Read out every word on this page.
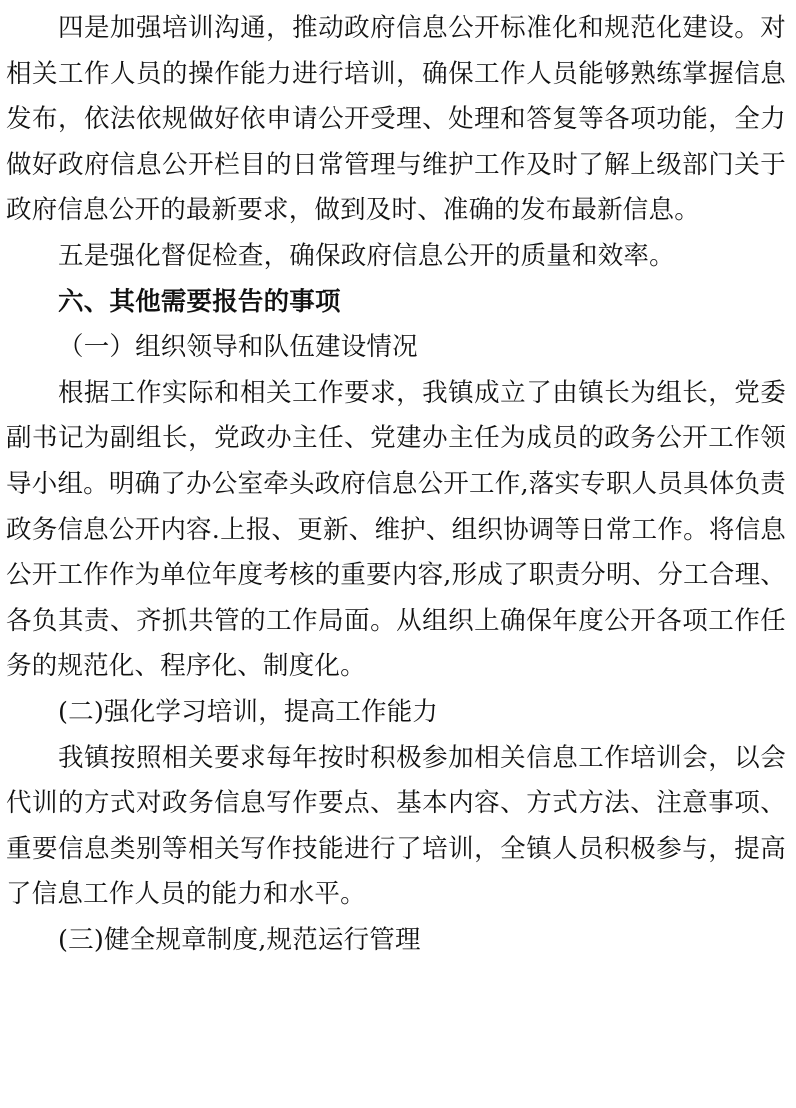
四是加强培训沟通，推动政府信息公开标准化和规范化建设。对相关工作人员的操作能力进行培训，确保工作人员能够熟练掌握信息发布，依法依规做好依申请公开受理、处理和答复等各项功能，全力做好政府信息公开栏目的日常管理与维护工作及时了解上级部门关于政府信息公开的最新要求，做到及时、准确的发布最新信息。

五是强化督促检查，确保政府信息公开的质量和效率。

六、其他需要报告的事项

（一）组织领导和队伍建设情况

根据工作实际和相关工作要求，我镇成立了由镇长为组长，党委副书记为副组长，党政办主任、党建办主任为成员的政务公开工作领导小组。明确了办公室牵头政府信息公开工作,落实专职人员具体负责政务信息公开内容.上报、更新、维护、组织协调等日常工作。将信息公开工作作为单位年度考核的重要内容,形成了职责分明、分工合理、各负其责、齐抓共管的工作局面。从组织上确保年度公开各项工作任务的规范化、程序化、制度化。

(二)强化学习培训，提高工作能力

我镇按照相关要求每年按时积极参加相关信息工作培训会，以会代训的方式对政务信息写作要点、基本内容、方式方法、注意事项、重要信息类别等相关写作技能进行了培训，全镇人员积极参与，提高了信息工作人员的能力和水平。

(三)健全规章制度,规范运行管理
